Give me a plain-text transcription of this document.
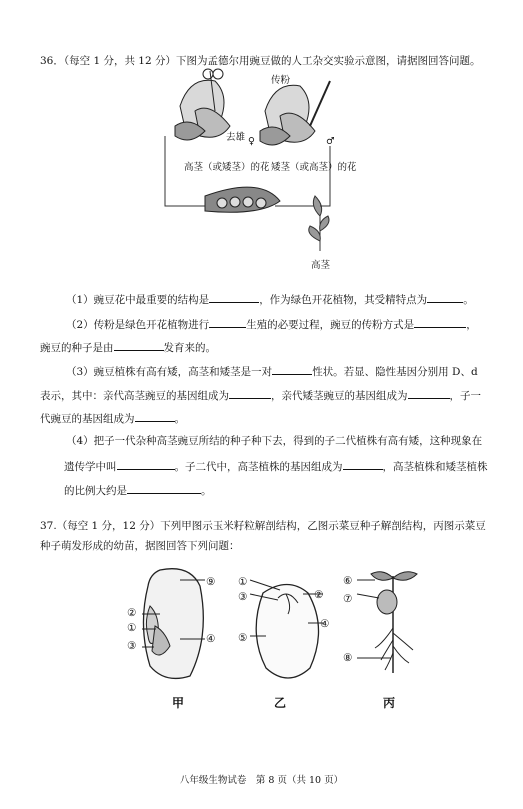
36．（每空 1 分，共 12 分）下图为孟德尔用豌豆做的人工杂交实验示意图，请据图回答问题。
传粉
去雄 ♀	♂
高茎（或矮茎）的花 矮茎（或高茎）的花
高茎
（1）豌豆花中最重要的结构是	，作为绿色开花植物，其受精特点为	。
（2）传粉是绿色开花植物进行	生殖的必要过程，豌豆的传粉方式是	，
豌豆的种子是由	发育来的。
（3）豌豆植株有高有矮，高茎和矮茎是一对	性状。若显、隐性基因分别用 D、d
表示，其中：亲代高茎豌豆的基因组成为	，亲代矮茎豌豆的基因组成为	，子一
代豌豆的基因组成为	。
（4）把子一代杂种高茎豌豆所结的种子种下去，得到的子二代植株有高有矮，这种现象在
遗传学中叫	。子二代中，高茎植株的基因组成为	，高茎植株和矮茎植株
的比例大约是	。
37.（每空 1 分，12 分）下列甲图示玉米籽粒解剖结构，乙图示菜豆种子解剖结构，丙图示菜豆
种子萌发形成的幼苗，据图回答下列问题：
②
①
③
④
⑨ ①
③	②
⑤
④
⑥
⑦
⑧
甲	乙	丙
八年级生物试卷　第 8 页（共 10 页）
